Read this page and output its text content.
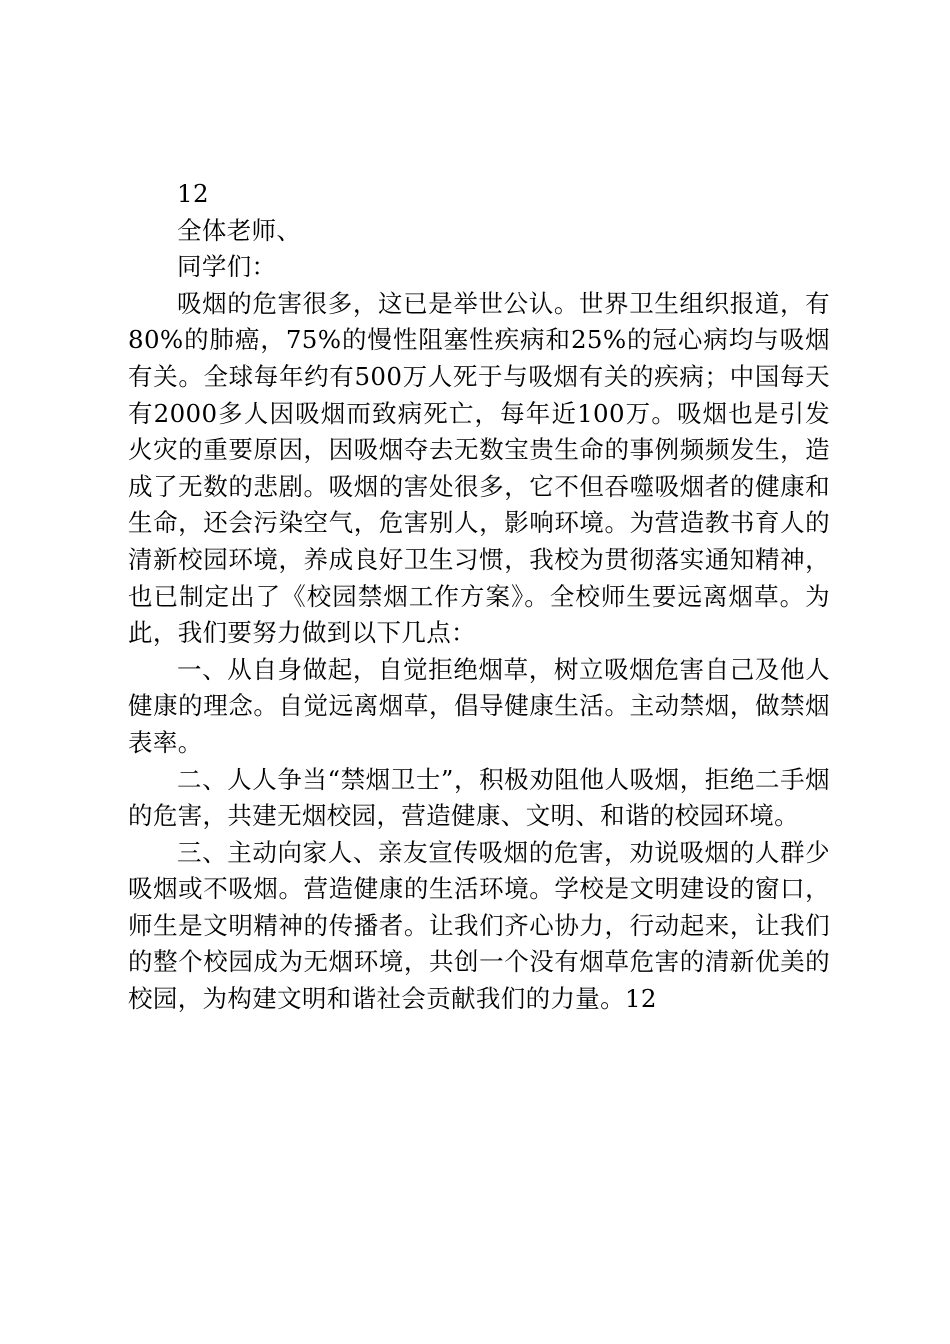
12

全体老师、

同学们：

吸烟的危害很多，这已是举世公认。世界卫生组织报道，有80%的肺癌，75%的慢性阻塞性疾病和25%的冠心病均与吸烟有关。全球每年约有500万人死于与吸烟有关的疾病；中国每天有2000多人因吸烟而致病死亡，每年近100万。吸烟也是引发火灾的重要原因，因吸烟夺去无数宝贵生命的事例频频发生，造成了无数的悲剧。吸烟的害处很多，它不但吞噬吸烟者的健康和生命，还会污染空气，危害别人，影响环境。为营造教书育人的清新校园环境，养成良好卫生习惯，我校为贯彻落实通知精神，也已制定出了《校园禁烟工作方案》。全校师生要远离烟草。为此，我们要努力做到以下几点：

一、从自身做起，自觉拒绝烟草，树立吸烟危害自己及他人健康的理念。自觉远离烟草，倡导健康生活。主动禁烟，做禁烟表率。

二、人人争当“禁烟卫士”，积极劝阻他人吸烟，拒绝二手烟的危害，共建无烟校园，营造健康、文明、和谐的校园环境。

三、主动向家人、亲友宣传吸烟的危害，劝说吸烟的人群少吸烟或不吸烟。营造健康的生活环境。学校是文明建设的窗口，师生是文明精神的传播者。让我们齐心协力，行动起来，让我们的整个校园成为无烟环境，共创一个没有烟草危害的清新优美的校园，为构建文明和谐社会贡献我们的力量。12
